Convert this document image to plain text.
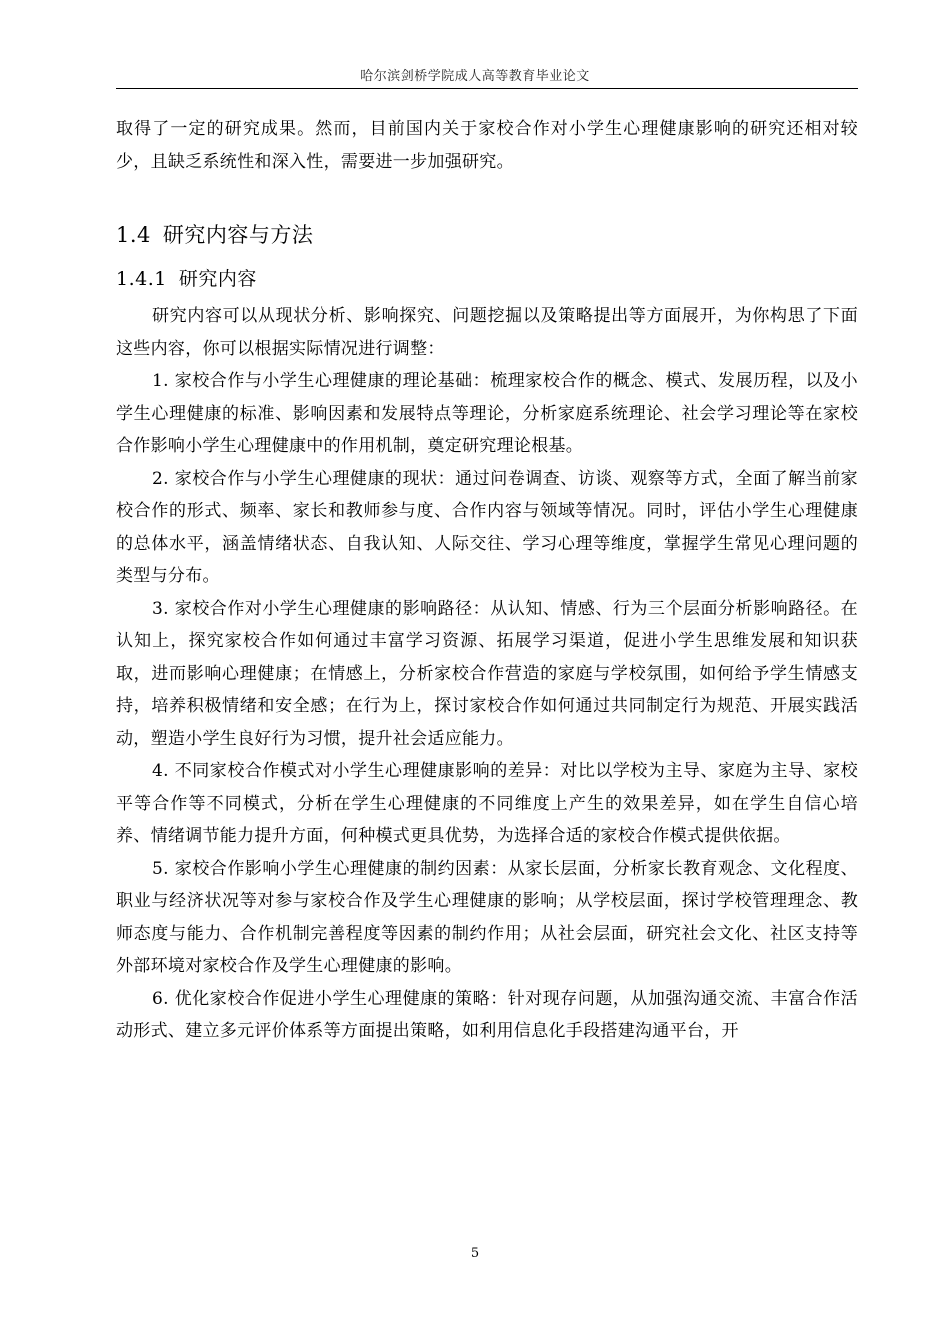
哈尔滨剑桥学院成人高等教育毕业论文

取得了一定的研究成果。然而，目前国内关于家校合作对小学生心理健康影响的研究还相对较少，且缺乏系统性和深入性，需要进一步加强研究。

1.4 研究内容与方法
1.4.1 研究内容

研究内容可以从现状分析、影响探究、问题挖掘以及策略提出等方面展开，为你构思了下面这些内容，你可以根据实际情况进行调整：

1. 家校合作与小学生心理健康的理论基础：梳理家校合作的概念、模式、发展历程，以及小学生心理健康的标准、影响因素和发展特点等理论，分析家庭系统理论、社会学习理论等在家校合作影响小学生心理健康中的作用机制，奠定研究理论根基。

2. 家校合作与小学生心理健康的现状：通过问卷调查、访谈、观察等方式，全面了解当前家校合作的形式、频率、家长和教师参与度、合作内容与领域等情况。同时，评估小学生心理健康的总体水平，涵盖情绪状态、自我认知、人际交往、学习心理等维度，掌握学生常见心理问题的类型与分布。

3. 家校合作对小学生心理健康的影响路径：从认知、情感、行为三个层面分析影响路径。在认知上，探究家校合作如何通过丰富学习资源、拓展学习渠道，促进小学生思维发展和知识获取，进而影响心理健康；在情感上，分析家校合作营造的家庭与学校氛围，如何给予学生情感支持，培养积极情绪和安全感；在行为上，探讨家校合作如何通过共同制定行为规范、开展实践活动，塑造小学生良好行为习惯，提升社会适应能力。

4. 不同家校合作模式对小学生心理健康影响的差异：对比以学校为主导、家庭为主导、家校平等合作等不同模式，分析在学生心理健康的不同维度上产生的效果差异，如在学生自信心培养、情绪调节能力提升方面，何种模式更具优势，为选择合适的家校合作模式提供依据。

5. 家校合作影响小学生心理健康的制约因素：从家长层面，分析家长教育观念、文化程度、职业与经济状况等对参与家校合作及学生心理健康的影响；从学校层面，探讨学校管理理念、教师态度与能力、合作机制完善程度等因素的制约作用；从社会层面，研究社会文化、社区支持等外部环境对家校合作及学生心理健康的影响。

6. 优化家校合作促进小学生心理健康的策略：针对现存问题，从加强沟通交流、丰富合作活动形式、建立多元评价体系等方面提出策略，如利用信息化手段搭建沟通平台，开

5
